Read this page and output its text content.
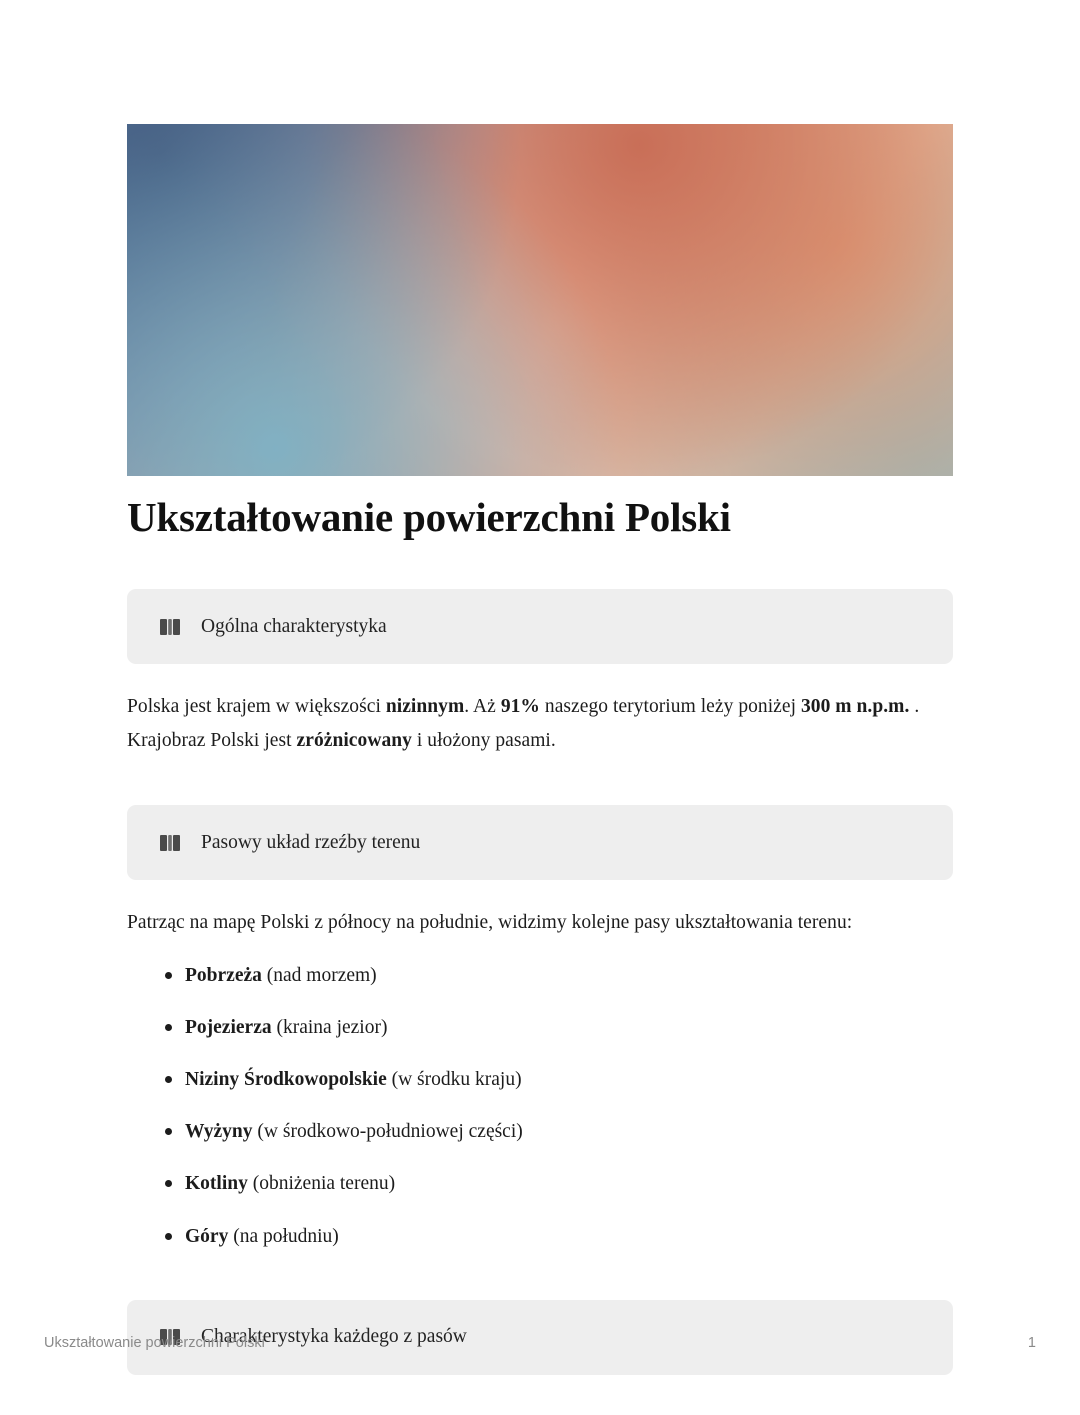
Ukształtowanie powierzchni Polski
Ogólna charakterystyka

Polska jest krajem w większości nizinnym. Aż 91% naszego terytorium leży poniżej 300 m n.p.m. . Krajobraz Polski jest zróżnicowany i ułożony pasami.

Pasowy układ rzeźby terenu

Patrząc na mapę Polski z północy na południe, widzimy kolejne pasy ukształtowania terenu:

Pobrzeża (nad morzem)
Pojezierza (kraina jezior)
Niziny Środkowopolskie (w środku kraju)
Wyżyny (w środkowo-południowej części)
Kotliny (obniżenia terenu)
Góry (na południu)
Charakterystyka każdego z pasów
Ukształtowanie powierzchni Polski	1
